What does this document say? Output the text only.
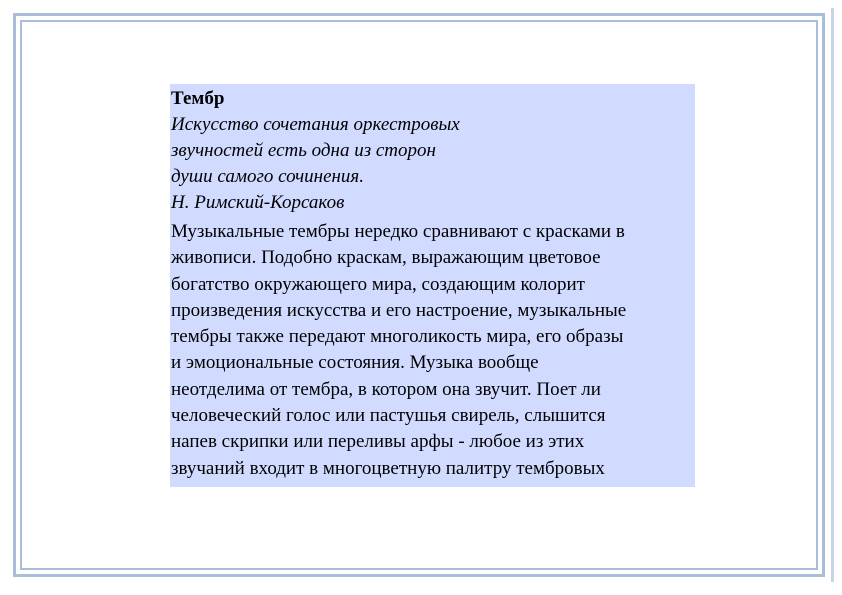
Тембр

Искусство сочетания оркестровых
звучностей есть одна из сторон
души самого сочинения.
Н. Римский-Корсаков

Музыкальные тембры нередко сравнивают с красками в
живописи. Подобно краскам, выражающим цветовое
богатство окружающего мира, создающим колорит
произведения искусства и его настроение, музыкальные
тембры также передают многоликость мира, его образы
и эмоциональные состояния. Музыка вообще
неотделима от тембра, в котором она звучит. Поет ли
человеческий голос или пастушья свирель, слышится
напев скрипки или переливы арфы - любое из этих
звучаний входит в многоцветную палитру тембровых
